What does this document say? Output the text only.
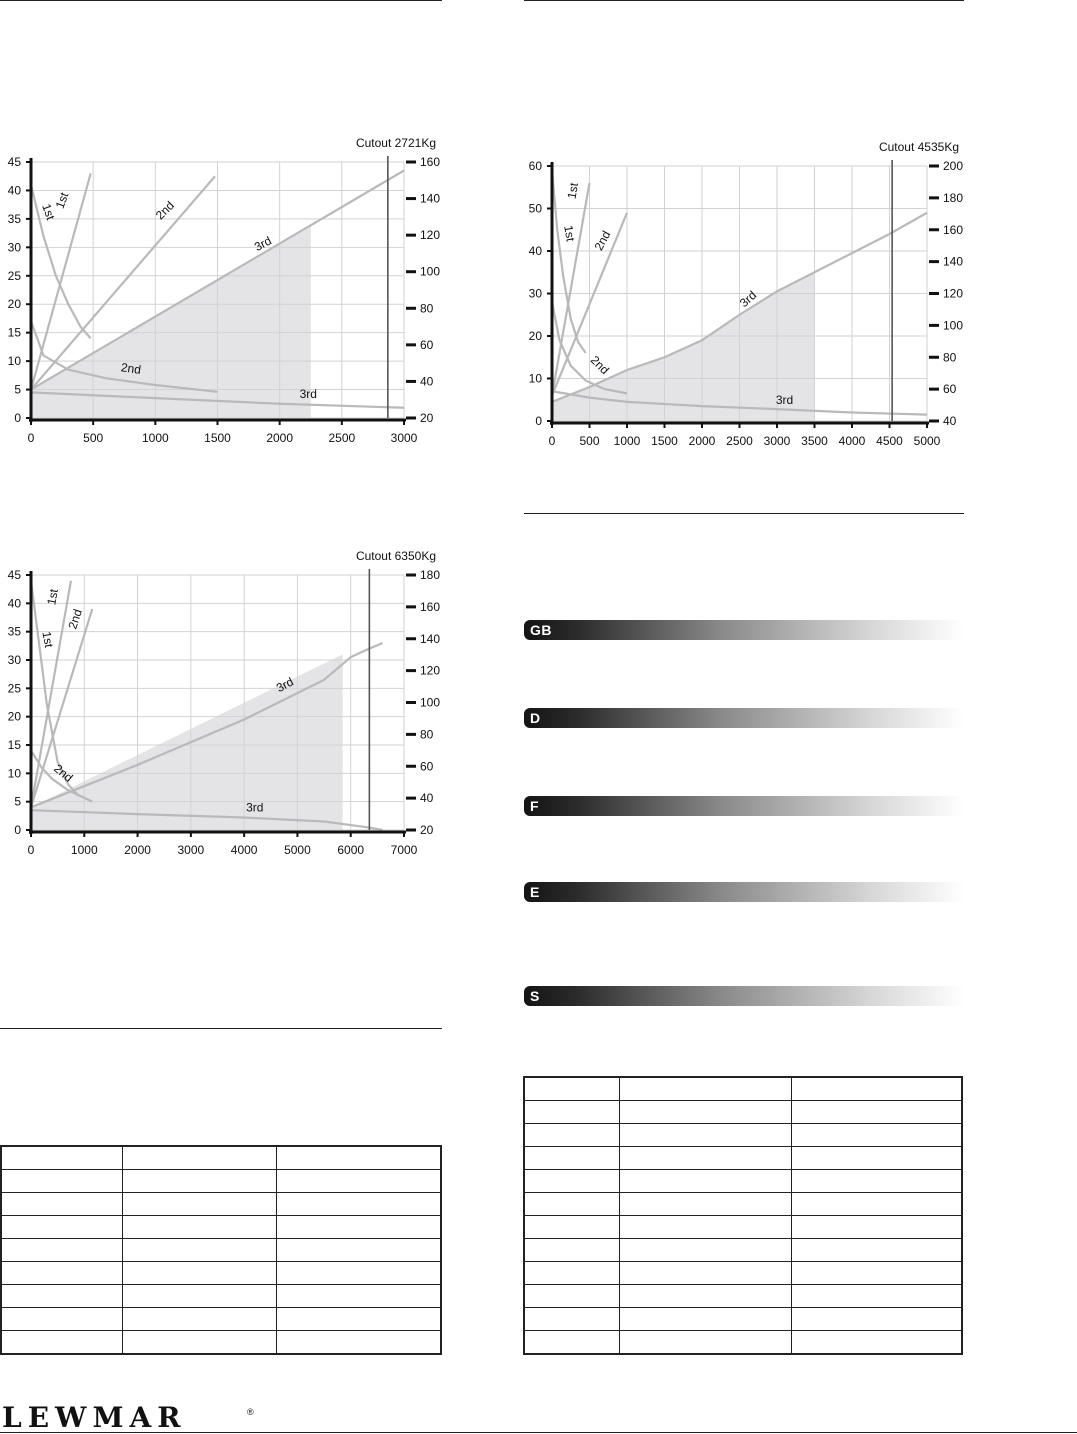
0
5
10
15
20
25
30
35
40
45
20
40
60
80
100
120
140
160
0	500	1000	1500	2000	2500	3000
Cutout 2721Kg
1st
1st	2nd
3rd
2nd
3rd
0
10
20
30
40
50
60
40
60
80
100
120
140
160
180
200
0 500 1000 1500 2000 2500 3000 3500 4000 4500 5000
Cutout 4535Kg
1st
1st 2nd
3rd
2nd
3rd
0
5
10
15
20
25
30
35
40
45
20
40
60
80
100
120
140
160
180
0	1000 2000 3000 4000 5000 6000 7000
Cutout 6350Kg
1st
1st
2nd
3rd
2nd
3rd
GB
D
F
E
S

LEWMAR	®
